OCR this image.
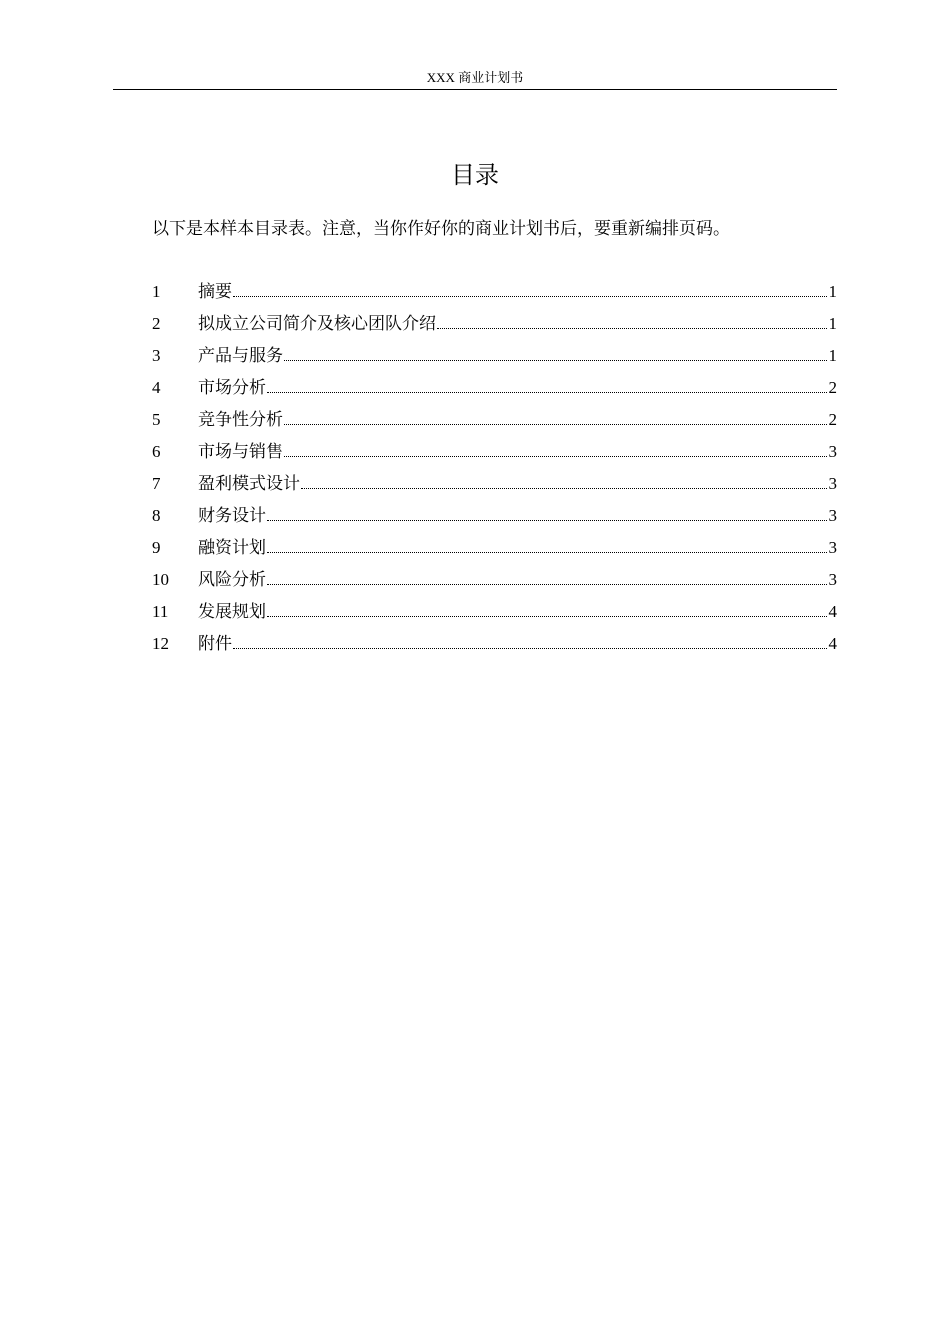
XXX 商业计划书
目录
以下是本样本目录表。注意，当你作好你的商业计划书后，要重新编排页码。
1	摘要	1
2	拟成立公司简介及核心团队介绍	1
3	产品与服务	1
4	市场分析	2
5	竞争性分析	2
6	市场与销售	3
7	盈利模式设计	3
8	财务设计	3
9	融资计划	3
10	风险分析	3
11	发展规划	4
12	附件	4
